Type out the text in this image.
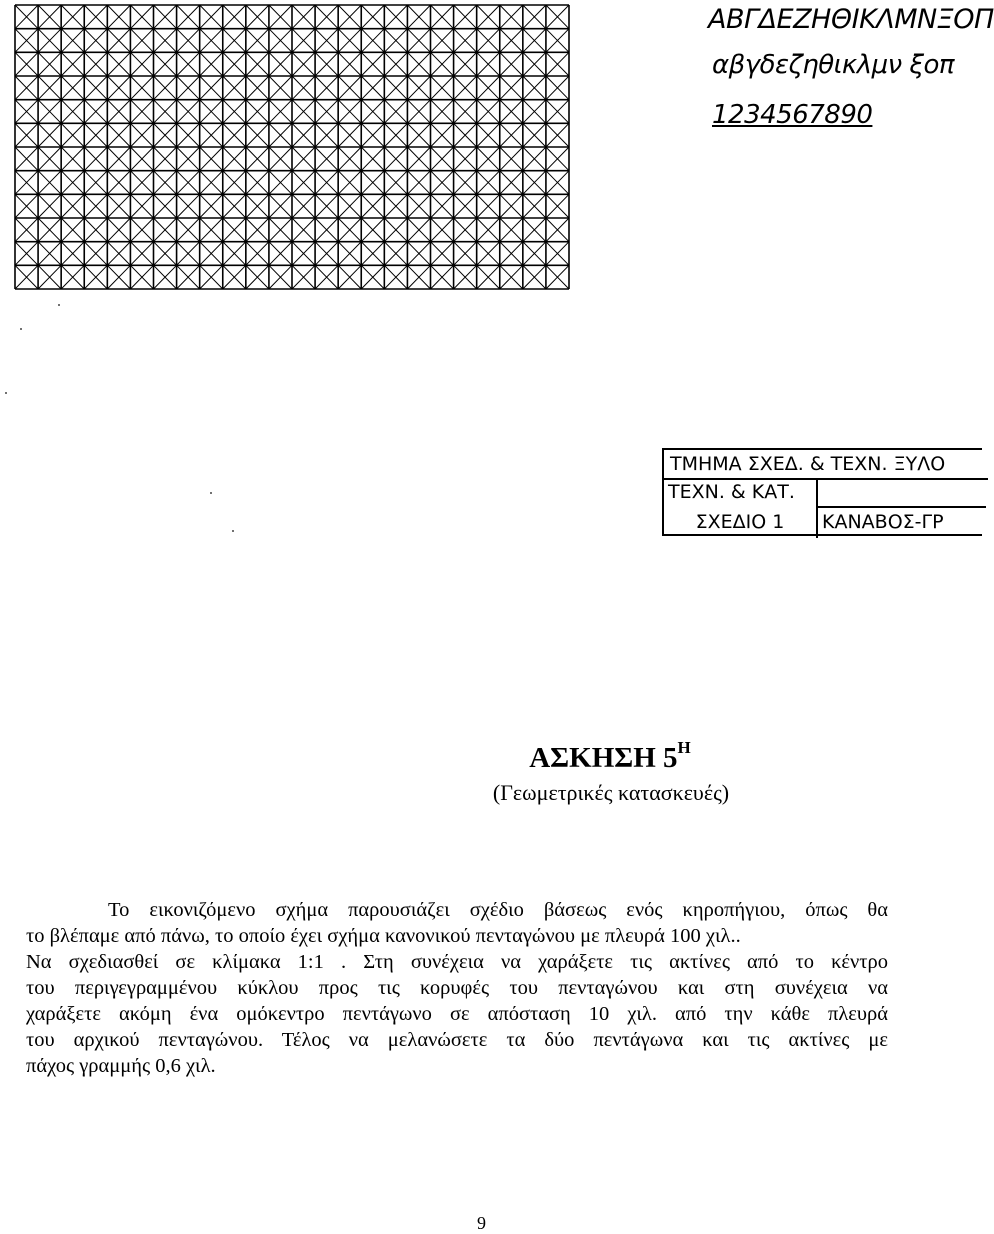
ΑΒΓΔΕΖΗΘΙΚΛΜΝΞΟΠ
αβγδεζηθικλμν ξοπ
1234567890
ΤΜΗΜΑ ΣΧΕΔ. & ΤΕΧΝ. ΞΥΛΟ
ΤΕΧΝ. & ΚΑΤ.
ΣΧΕΔΙΟ 1	ΚΑΝΑΒΟΣ-ΓΡ
ΑΣΚΗΣΗ $5^H$
(Γεωμετρικές κατασκευές)
Το εικονιζόμενο σχήμα παρουσιάζει σχέδιο βάσεως ενός κηροπήγιου, όπως θα
το βλέπαμε από πάνω, το οποίο έχει σχήμα κανονικού πενταγώνου με πλευρά 100 χιλ..
Να σχεδιασθεί σε κλίμακα 1:1 . Στη συνέχεια να χαράξετε τις ακτίνες από το κέντρο
του περιγεγραμμένου κύκλου προς τις κορυφές του πενταγώνου και στη συνέχεια να
χαράξετε ακόμη ένα ομόκεντρο πεντάγωνο σε απόσταση 10 χιλ. από την κάθε πλευρά
του αρχικού πενταγώνου. Τέλος να μελανώσετε τα δύο πεντάγωνα και τις ακτίνες με
πάχος γραμμής 0,6 χιλ.
9
